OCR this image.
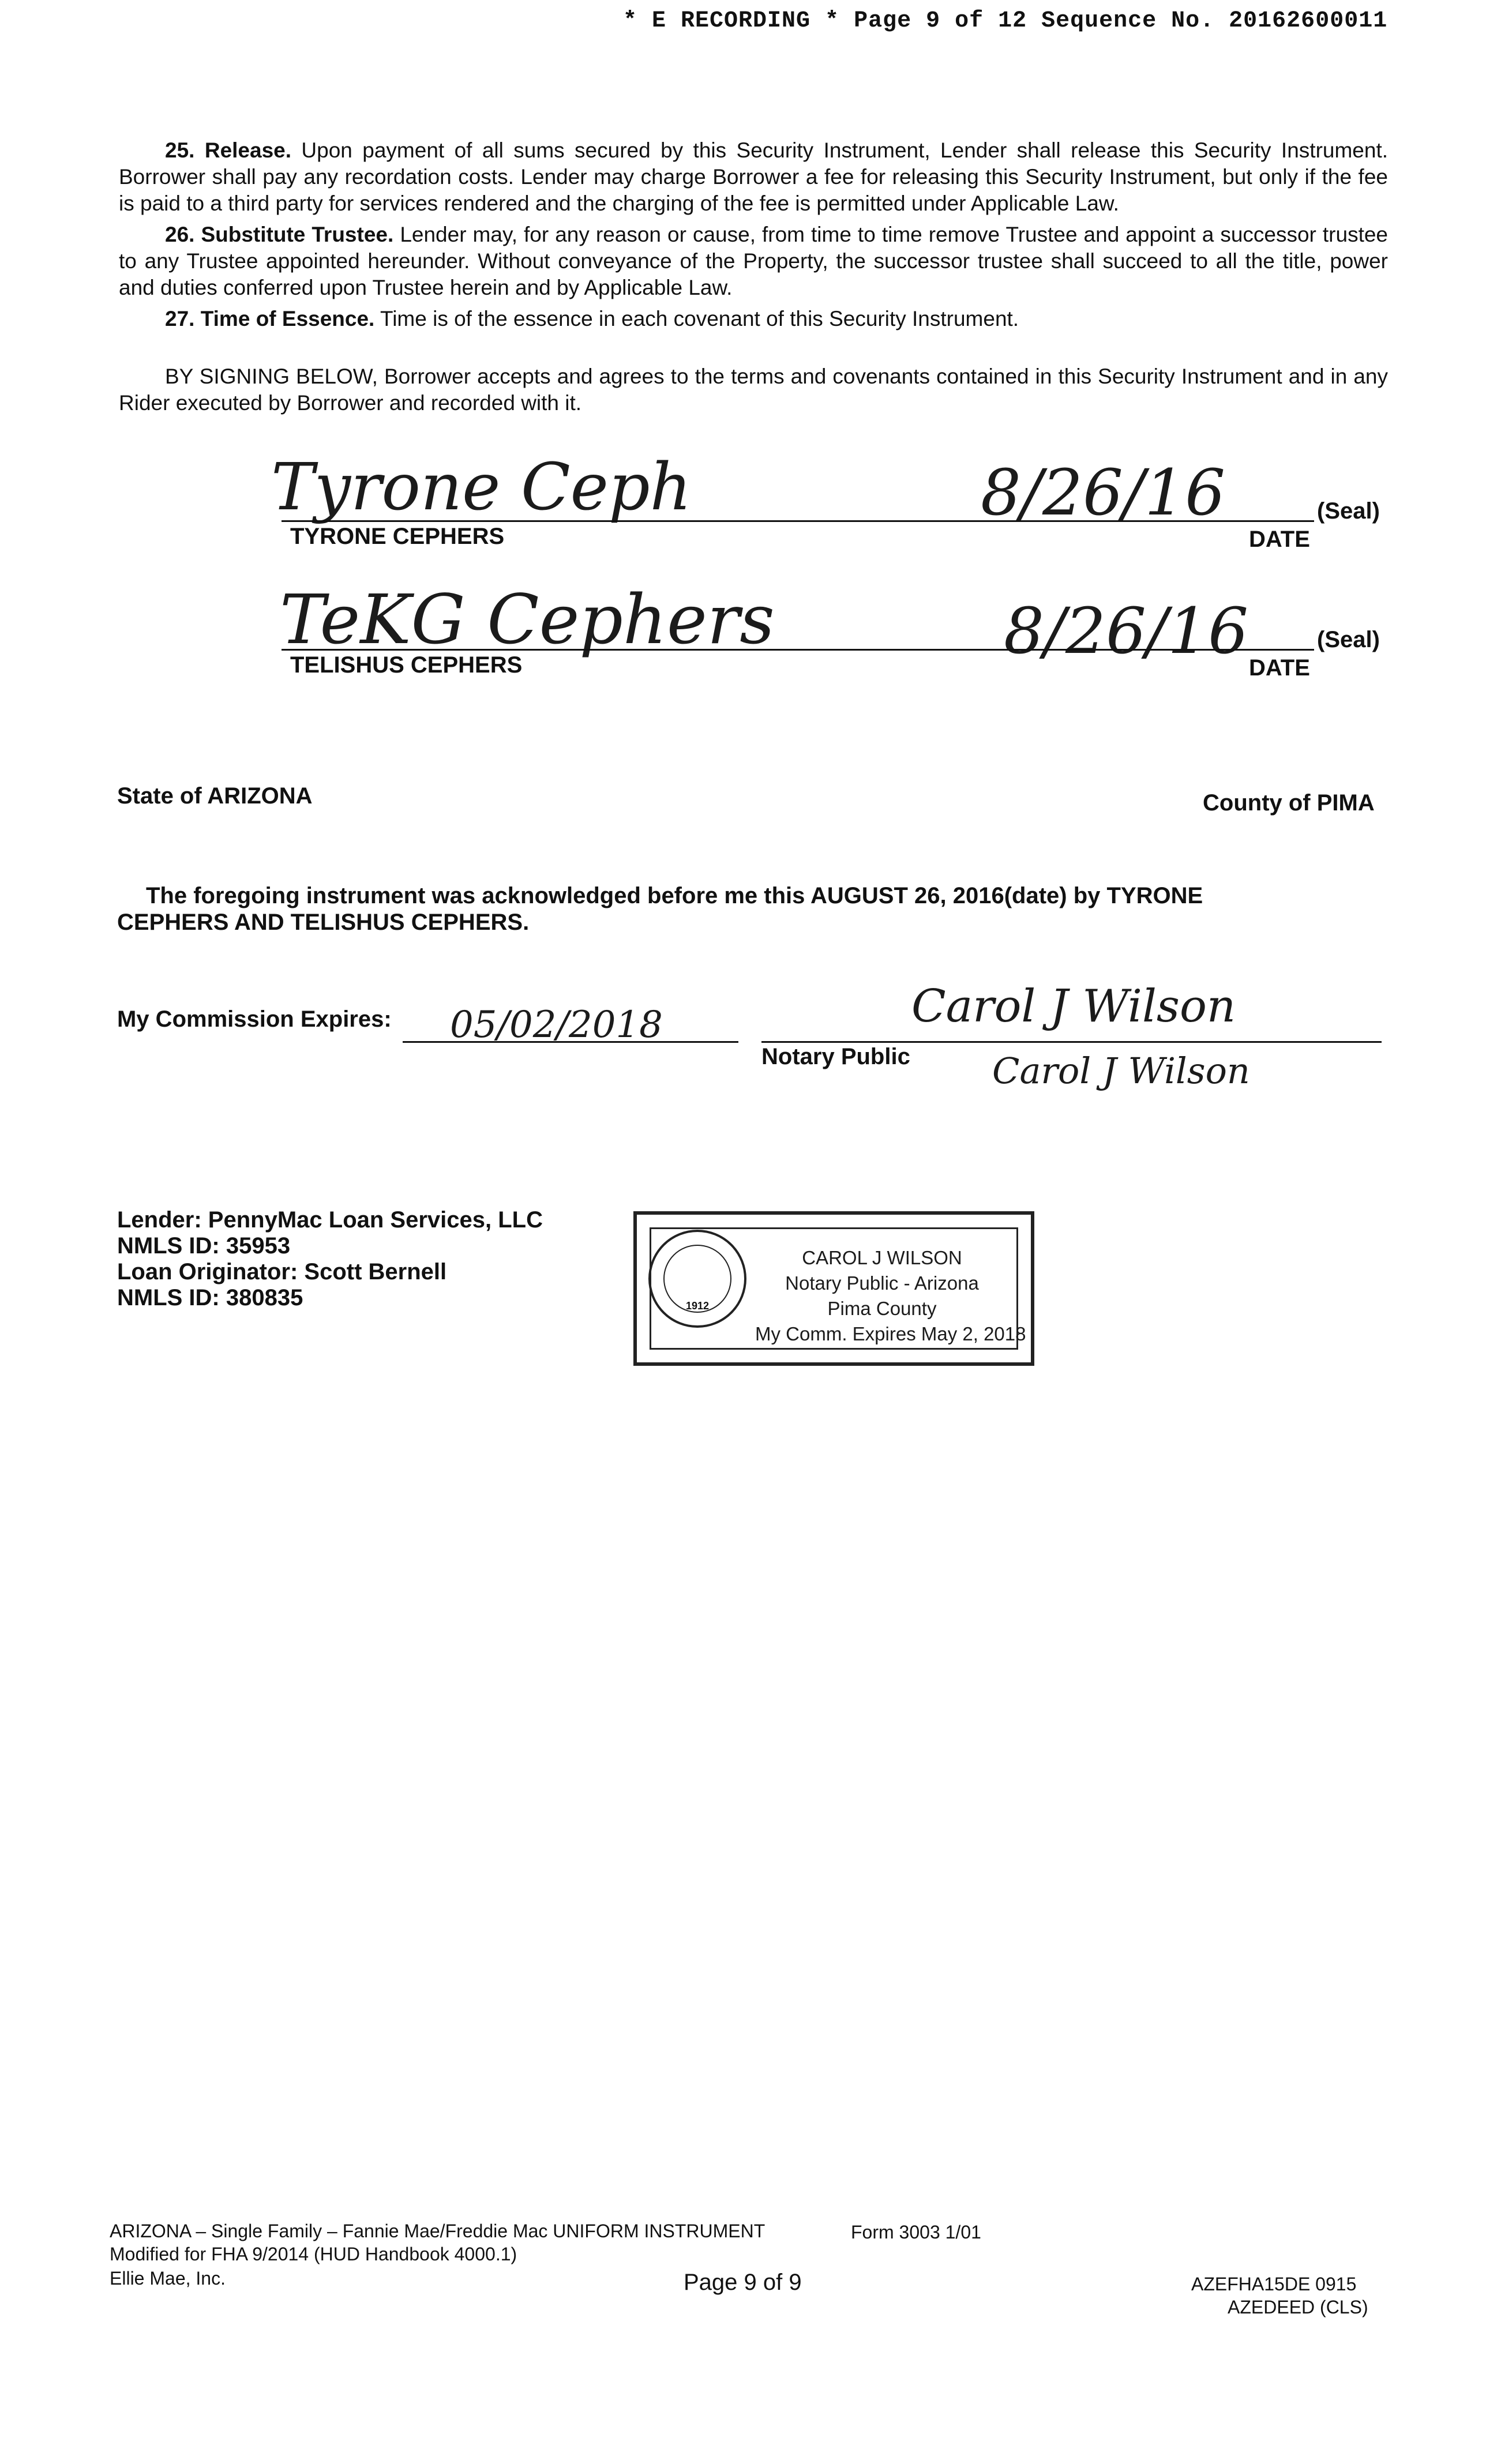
* E RECORDING * Page 9 of 12 Sequence No. 20162600011
25. Release. Upon payment of all sums secured by this Security Instrument, Lender shall release this Security Instrument. Borrower shall pay any recordation costs. Lender may charge Borrower a fee for releasing this Security Instrument, but only if the fee is paid to a third party for services rendered and the charging of the fee is permitted under Applicable Law.
26. Substitute Trustee. Lender may, for any reason or cause, from time to time remove Trustee and appoint a successor trustee to any Trustee appointed hereunder. Without conveyance of the Property, the successor trustee shall succeed to all the title, power and duties conferred upon Trustee herein and by Applicable Law.
27. Time of Essence. Time is of the essence in each covenant of this Security Instrument.
BY SIGNING BELOW, Borrower accepts and agrees to the terms and covenants contained in this Security Instrument and in any Rider executed by Borrower and recorded with it.
Tyrone Ceph	8/26/16
TYRONE CEPHERS
(Seal)
DATE
TeKG Cephers	8/26/16
TELISHUS CEPHERS
(Seal)
DATE
State of ARIZONA	County of PIMA
The foregoing instrument was acknowledged before me this AUGUST 26, 2016(date) by TYRONE CEPHERS AND TELISHUS CEPHERS.
My Commission Expires: 05/02/2018	Carol J Wilson
Notary Public Carol J Wilson
Lender: PennyMac Loan Services, LLC
NMLS ID: 35953
Loan Originator: Scott Bernell
NMLS ID: 380835	1912
CAROL J WILSON
Notary Public - Arizona
Pima County
My Comm. Expires May 2, 2018
ARIZONA – Single Family – Fannie Mae/Freddie Mac UNIFORM INSTRUMENT	Form 3003 1/01
Modified for FHA 9/2014 (HUD Handbook 4000.1)
Ellie Mae, Inc.	Page 9 of 9	AZEFHA15DE 0915
AZEDEED (CLS)
